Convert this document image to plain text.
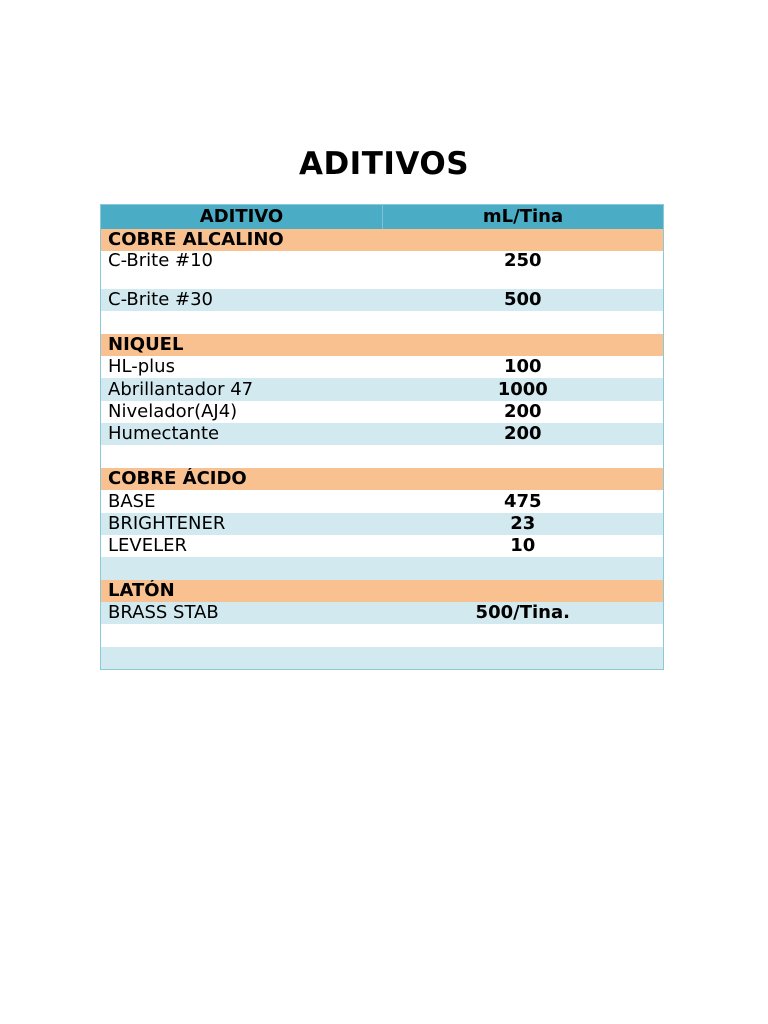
ADITIVOS
ADITIVO	mL/Tina
COBRE ALCALINO	
C-Brite #10	250
C-Brite #30	500

NIQUEL	
HL-plus	100
Abrillantador 47	1000
Nivelador(AJ4)	200
Humectante	200

COBRE ÁCIDO	
BASE	475
BRIGHTENER	23
LEVELER	10

LATÓN	
BRASS STAB	500/Tina.
